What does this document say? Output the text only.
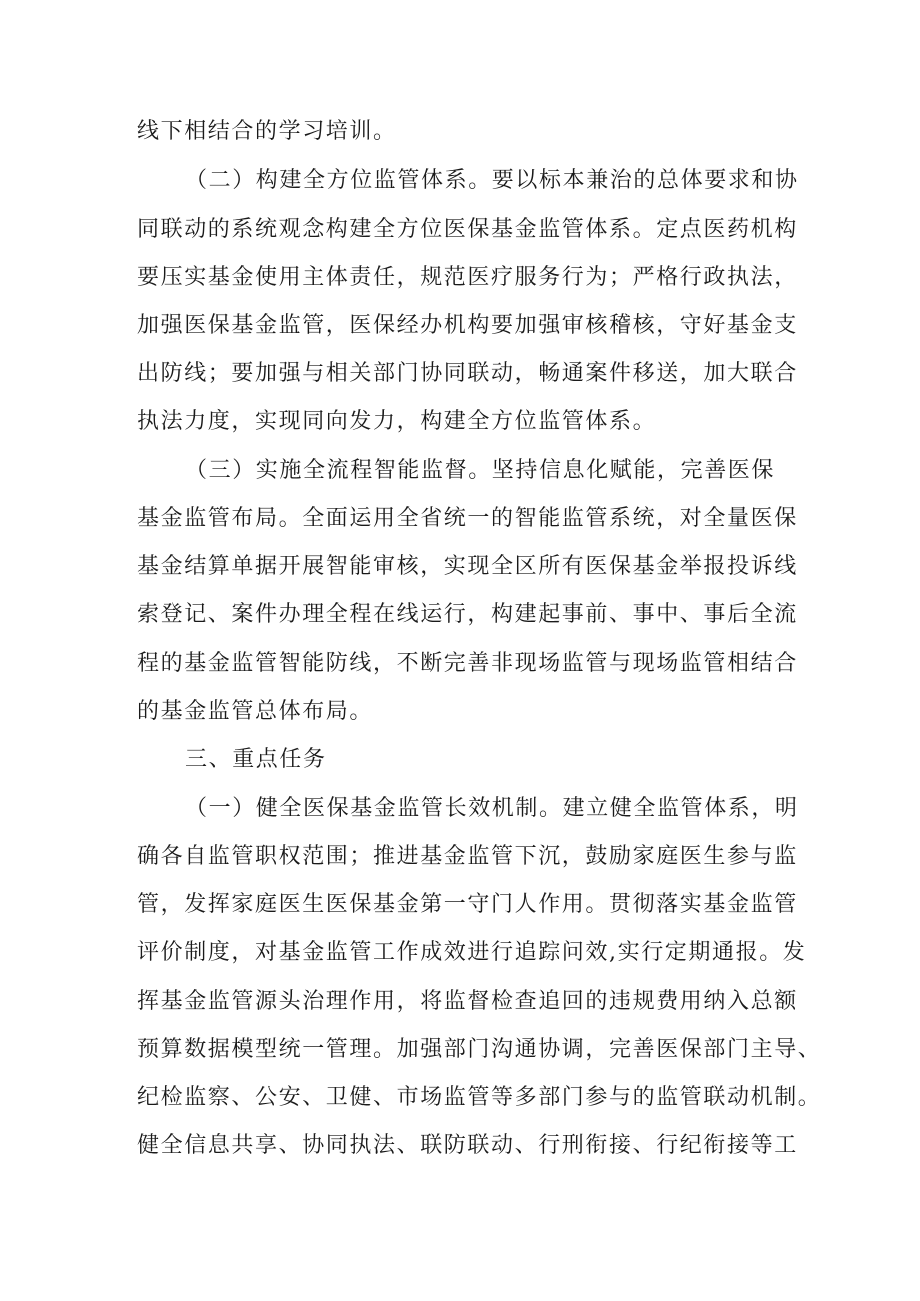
线下相结合的学习培训。
（二）构建全方位监管体系。要以标本兼治的总体要求和协
同联动的系统观念构建全方位医保基金监管体系。定点医药机构
要压实基金使用主体责任，规范医疗服务行为；严格行政执法，
加强医保基金监管，医保经办机构要加强审核稽核，守好基金支
出防线；要加强与相关部门协同联动，畅通案件移送，加大联合
执法力度，实现同向发力，构建全方位监管体系。
（三）实施全流程智能监督。坚持信息化赋能，完善医保
基金监管布局。全面运用全省统一的智能监管系统，对全量医保
基金结算单据开展智能审核，实现全区所有医保基金举报投诉线
索登记、案件办理全程在线运行，构建起事前、事中、事后全流
程的基金监管智能防线，不断完善非现场监管与现场监管相结合
的基金监管总体布局。
三、重点任务
（一）健全医保基金监管长效机制。建立健全监管体系，明
确各自监管职权范围；推进基金监管下沉，鼓励家庭医生参与监
管，发挥家庭医生医保基金第一守门人作用。贯彻落实基金监管
评价制度，对基金监管工作成效进行追踪问效,实行定期通报。发
挥基金监管源头治理作用，将监督检查追回的违规费用纳入总额
预算数据模型统一管理。加强部门沟通协调，完善医保部门主导、
纪检监察、公安、卫健、市场监管等多部门参与的监管联动机制。
健全信息共享、协同执法、联防联动、行刑衔接、行纪衔接等工
